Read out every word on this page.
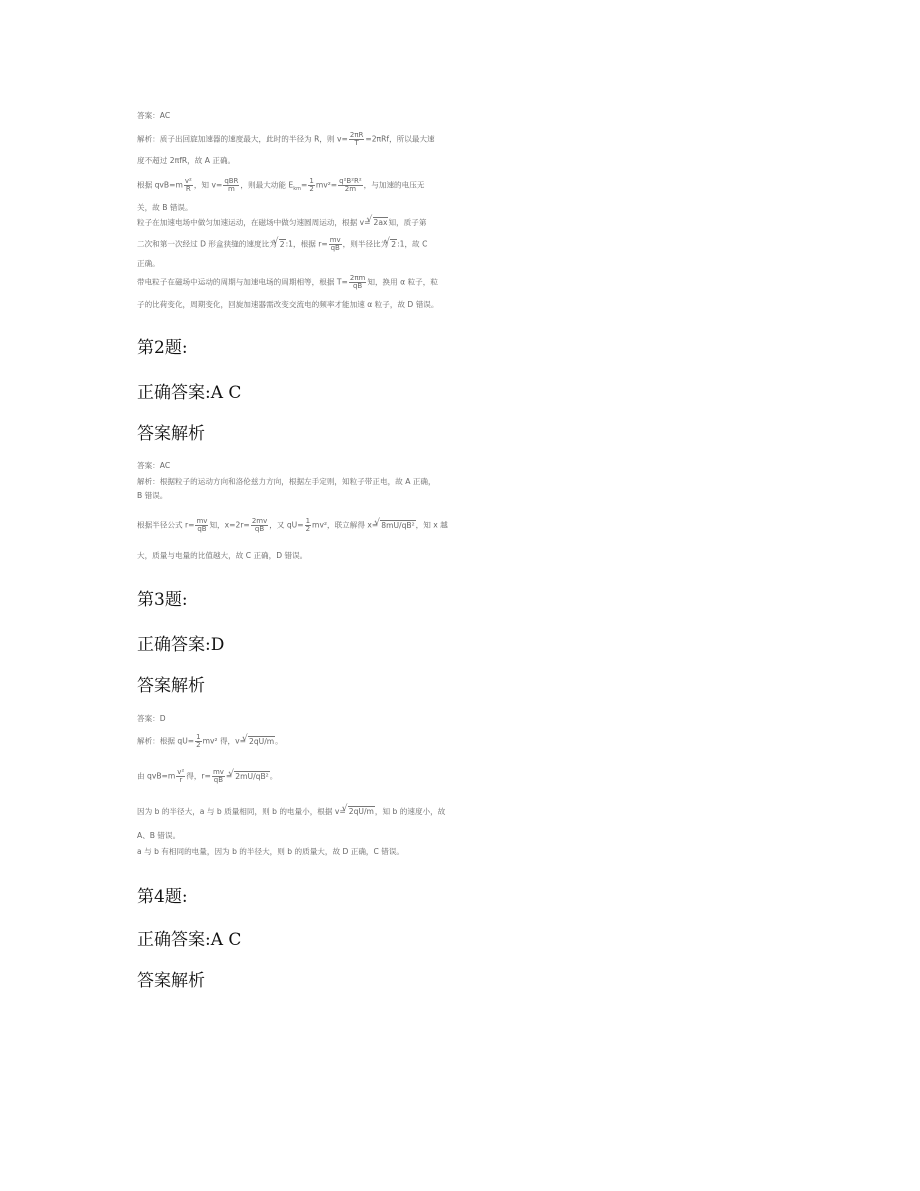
答案：AC
解析：质子出回旋加速器的速度最大，此时的半径为 R，则 $v= \frac{2\pi R}{T} =2\pi Rf$，所以最大速
度不超过 2πfR，故 A 正确。
根据 $qvB=m \frac{\text{v²}}{R}$ ，知 $v= \frac{\text{qBR}}{m}$ ，则最大动能 $E_{km}= \frac{1}{2} mv^2= \frac{\text{q²B²R²}}{2m}$ ，与加速的电压无
关，故 B 错误。
粒子在加速电场中做匀加速运动，在磁场中做匀速圆周运动，根据 v= √ 2ax知，质子第
二次和第一次经过 D 形盒狭缝的速度比为 √ 2:1，根据 $r= \frac{mv}{qB}$ ，则半径比为 √ 2:1，故 C
正确。
带电粒子在磁场中运动的周期与加速电场的周期相等，根据 $T= \frac{2\pi m}{qB}$ 知，换用 α 粒子，粒
子的比荷变化，周期变化，回旋加速器需改变交流电的频率才能加速 α 粒子，故 D 错误。
第2题:
正确答案:A C
答案解析
答案：AC
解析：根据粒子的运动方向和洛伦兹力方向，根据左手定则，知粒子带正电，故 A 正确，
B 错误。
根据半径公式 $r= \frac{mv}{qB}$ 知，$x=2r= \frac{2mv}{qB}$ ，又 $qU= \frac{1}{2} mv^2$，联立解得 x= √ 8mU/qB²，知 x 越
大，质量与电量的比值越大，故 C 正确，D 错误。
第3题:
正确答案:D
答案解析
答案：D
解析：根据 $qU= \frac{1}{2} mv^2$ 得，v= √ 2qU/m。
由 $qvB=m \frac{\text{v²}}{r}$ 得，$r= \frac{mv}{qB}$ = √ 2mU/qB²。
因为 b 的半径大，a 与 b 质量相同，则 b 的电量小，根据 v= √ 2qU/m，知 b 的速度小，故
A、B 错误。
a 与 b 有相同的电量，因为 b 的半径大，则 b 的质量大，故 D 正确，C 错误。
第4题:
正确答案:A C
答案解析
